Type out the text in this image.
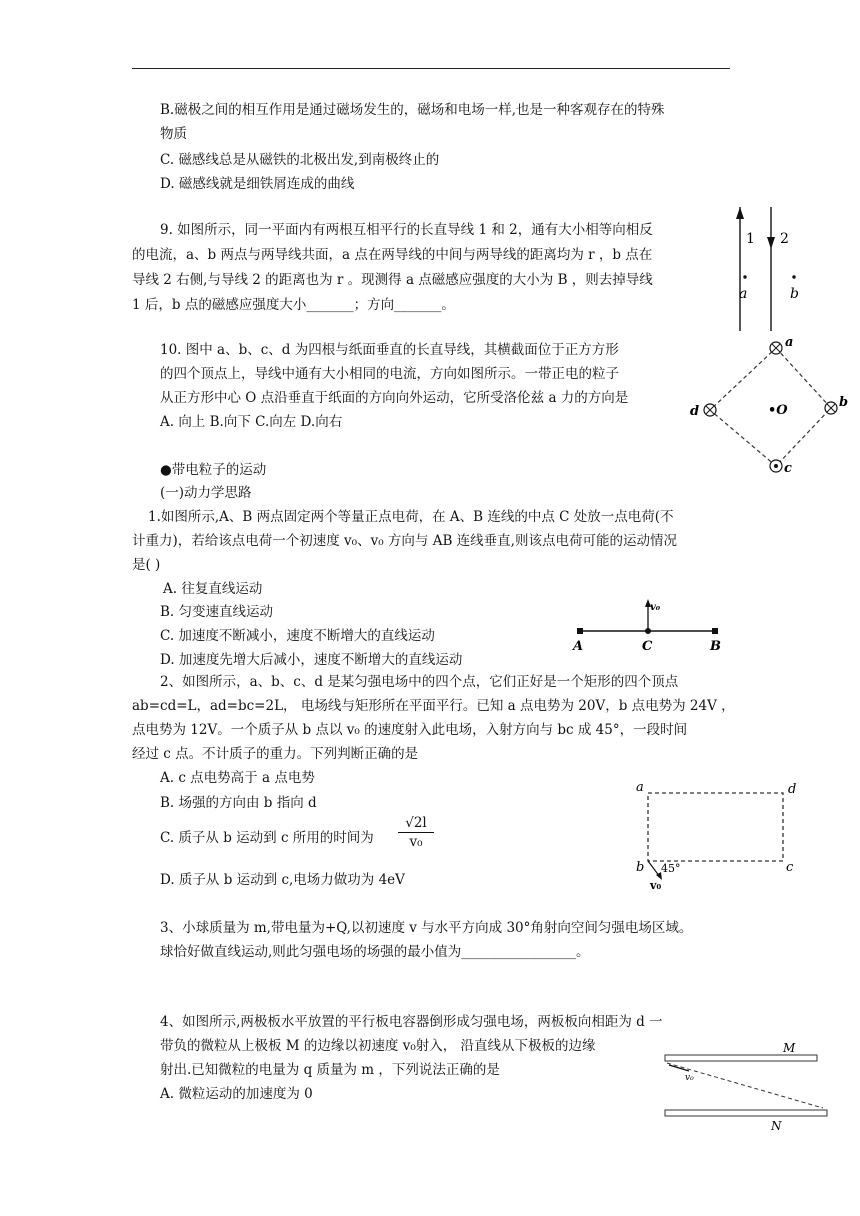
B.磁极之间的相互作用是通过磁场发生的，磁场和电场一样,也是一种客观存在的特殊
物质
C. 磁感线总是从磁铁的北极出发,到南极终止的
D. 磁感线就是细铁屑连成的曲线
9. 如图所示，同一平面内有两根互相平行的长直导线 1 和 2，通有大小相等向相反
的电流，a、b 两点与两导线共面，a 点在两导线的中间与两导线的距离均为 r ，b 点在
导线 2 右侧,与导线 2 的距离也为 r 。现测得 a 点磁感应强度的大小为 B ，则去掉导线
1 后，b 点的磁感应强度大小_______；方向_______。
1 2
a	b
10. 图中 a、b、c、d 为四根与纸面垂直的长直导线，其横截面位于正方方形
的四个顶点上，导线中通有大小相同的电流，方向如图所示。一带正电的粒子
从正方形中心 O 点沿垂直于纸面的方向向外运动，它所受洛伦兹 a 力的方向是
A. 向上 B.向下 C.向左 D.向右
a
b
c
d	•O
●带电粒子的运动
(一)动力学思路
1.如图所示,A、B 两点固定两个等量正点电荷，在 A、B 连线的中点 C 处放一点电荷(不
计重力)，若给该点电荷一个初速度 v₀、v₀ 方向与 AB 连线垂直,则该点电荷可能的运动情况
是( )
A. 往复直线运动
B. 匀变速直线运动
C. 加速度不断减小，速度不断增大的直线运动
D. 加速度先增大后减小，速度不断增大的直线运动
v₀
A	C	B
2、如图所示，a、b、c、d 是某匀强电场中的四个点，它们正好是一个矩形的四个顶点
ab=cd=L，ad=bc=2L， 电场线与矩形所在平面平行。已知 a 点电势为 20V，b 点电势为 24V ，
点电势为 12V。一个质子从 b 点以 v₀ 的速度射入此电场，入射方向与 bc 成 45°，一段时间
经过 c 点。不计质子的重力。下列判断正确的是
A. c 点电势高于 a 点电势
B. 场强的方向由 b 指向 d
C. 质子从 b 运动到 c 所用的时间为 $\frac{√2l}{\text{v₀}}$
D. 质子从 b 运动到 c,电场力做功为 4eV
a	d
b	c
45°
v₀
3、小球质量为 m,带电量为+Q,以初速度 v 与水平方向成 30°角射向空间匀强电场区域。
球恰好做直线运动,则此匀强电场的场强的最小值为_________________。
4、如图所示,两极板水平放置的平行板电容器倒形成匀强电场，两板板向相距为 d 一
带负的微粒从上极板 M 的边缘以初速度 v₀射入， 沿直线从下极板的边缘
射出.已知微粒的电量为 q 质量为 m ，下列说法正确的是
A. 微粒运动的加速度为 0
M
N
v₀
